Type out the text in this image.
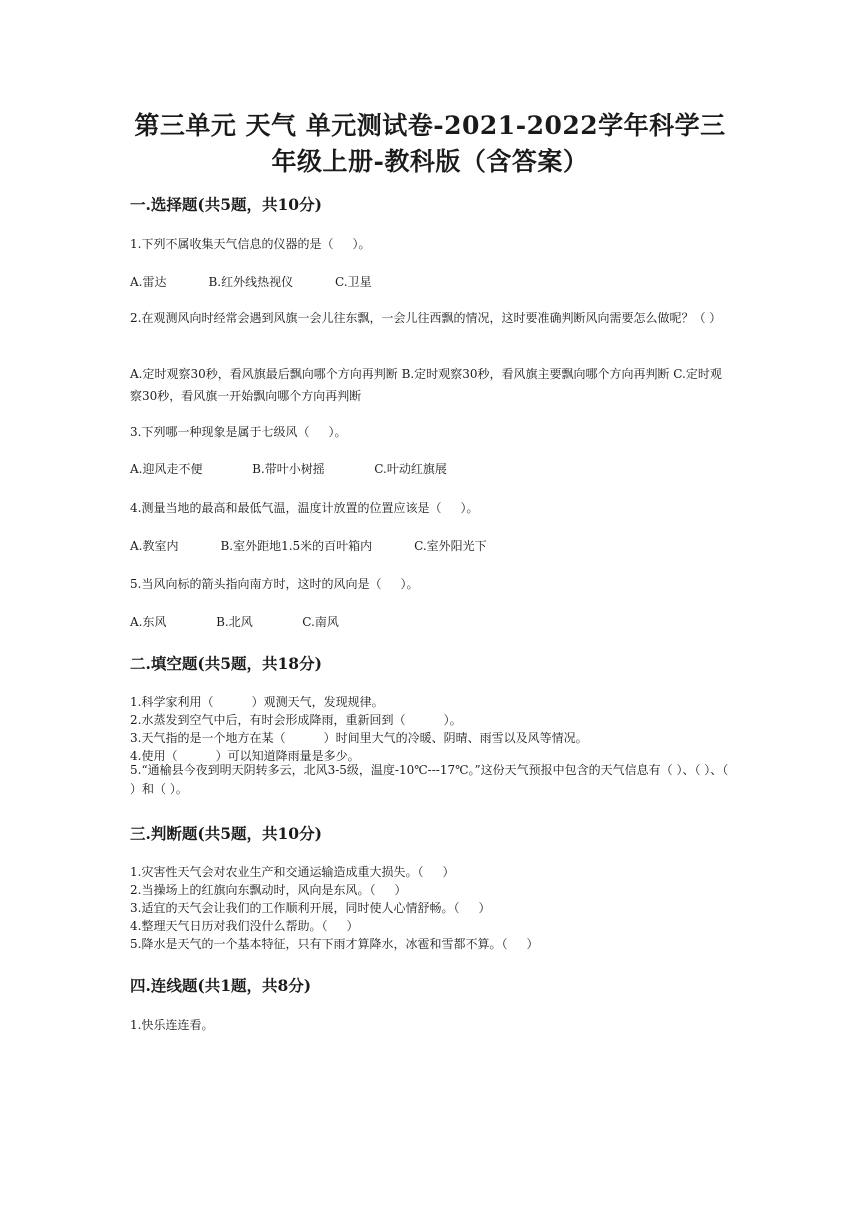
第三单元 天气 单元测试卷-2021-2022学年科学三
年级上册-教科版（含答案）
一.选择题(共5题，共10分)
1.下列不属收集天气信息的仪器的是（     ）。
A.雷达           B.红外线热视仪           C.卫星
2.在观测风向时经常会遇到风旗一会儿往东飘，一会儿往西飘的情况，这时要准确判断风向需要怎么做呢？（ ）
A.定时观察30秒，看风旗最后飘向哪个方向再判断 B.定时观察30秒，看风旗主要飘向哪个方向再判断 C.定时观察30秒，看风旗一开始飘向哪个方向再判断
3.下列哪一种现象是属于七级风（     ）。
A.迎风走不便             B.带叶小树摇             C.叶动红旗展
4.测量当地的最高和最低气温，温度计放置的位置应该是（     ）。
A.教室内           B.室外距地1.5米的百叶箱内           C.室外阳光下
5.当风向标的箭头指向南方时，这时的风向是（     ）。
A.东风             B.北风             C.南风
二.填空题(共5题，共18分)
1.科学家利用（          ）观测天气，发现规律。
2.水蒸发到空气中后，有时会形成降雨，重新回到（          ）。
3.天气指的是一个地方在某（          ）时间里大气的冷暖、阴晴、雨雪以及风等情况。
4.使用（          ）可以知道降雨量是多少。
5.“通榆县今夜到明天阴转多云，北风3-5级，温度-10℃---17℃。”这份天气预报中包含的天气信息有（ ）、（ ）、（ ）和（ ）。
三.判断题(共5题，共10分)
1.灾害性天气会对农业生产和交通运输造成重大损失。（     ）
2.当操场上的红旗向东飘动时，风向是东风。（     ）
3.适宜的天气会让我们的工作顺利开展，同时使人心情舒畅。（     ）
4.整理天气日历对我们没什么帮助。（     ）
5.降水是天气的一个基本特征，只有下雨才算降水，冰雹和雪都不算。（     ）
四.连线题(共1题，共8分)
1.快乐连连看。
